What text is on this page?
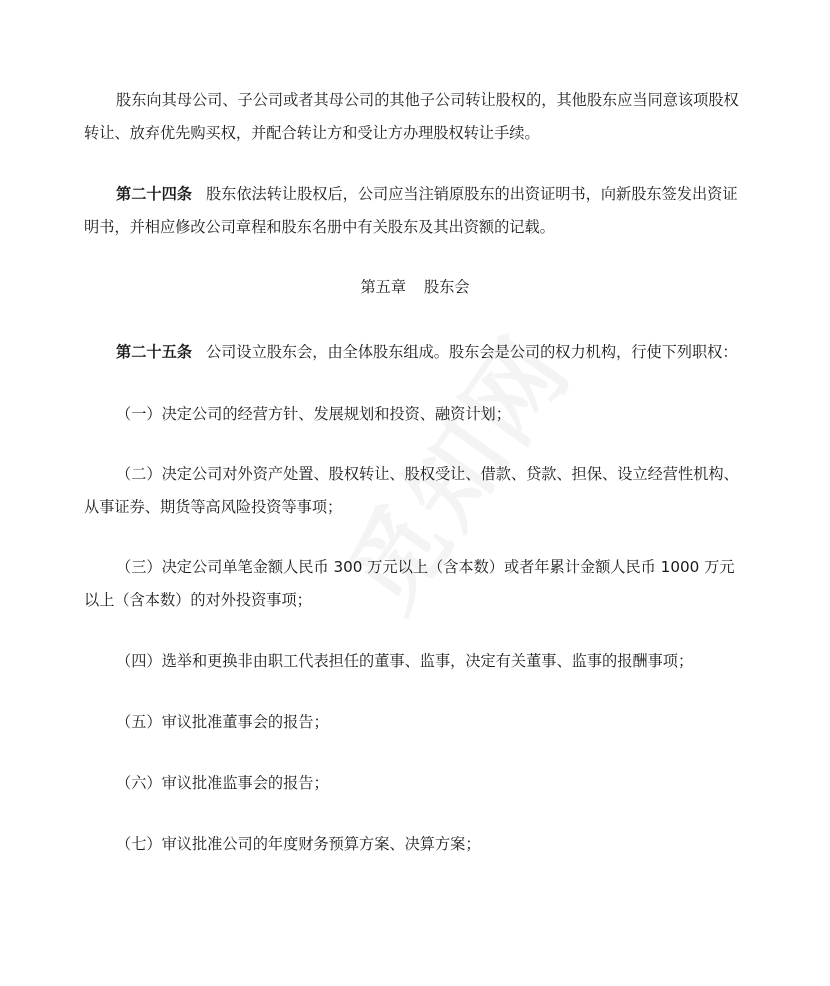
股东向其母公司、子公司或者其母公司的其他子公司转让股权的，其他股东应当同意该项股权转让、放弃优先购买权，并配合转让方和受让方办理股权转让手续。

第二十四条 股东依法转让股权后，公司应当注销原股东的出资证明书，向新股东签发出资证明书，并相应修改公司章程和股东名册中有关股东及其出资额的记载。

第五章 股东会

第二十五条 公司设立股东会，由全体股东组成。股东会是公司的权力机构，行使下列职权：

（一）决定公司的经营方针、发展规划和投资、融资计划；

（二）决定公司对外资产处置、股权转让、股权受让、借款、贷款、担保、设立经营性机构、从事证券、期货等高风险投资等事项；

（三）决定公司单笔金额人民币 300 万元以上（含本数）或者年累计金额人民币 1000 万元以上（含本数）的对外投资事项；

（四）选举和更换非由职工代表担任的董事、监事，决定有关董事、监事的报酬事项；

（五）审议批准董事会的报告；

（六）审议批准监事会的报告；

（七）审议批准公司的年度财务预算方案、决算方案；
